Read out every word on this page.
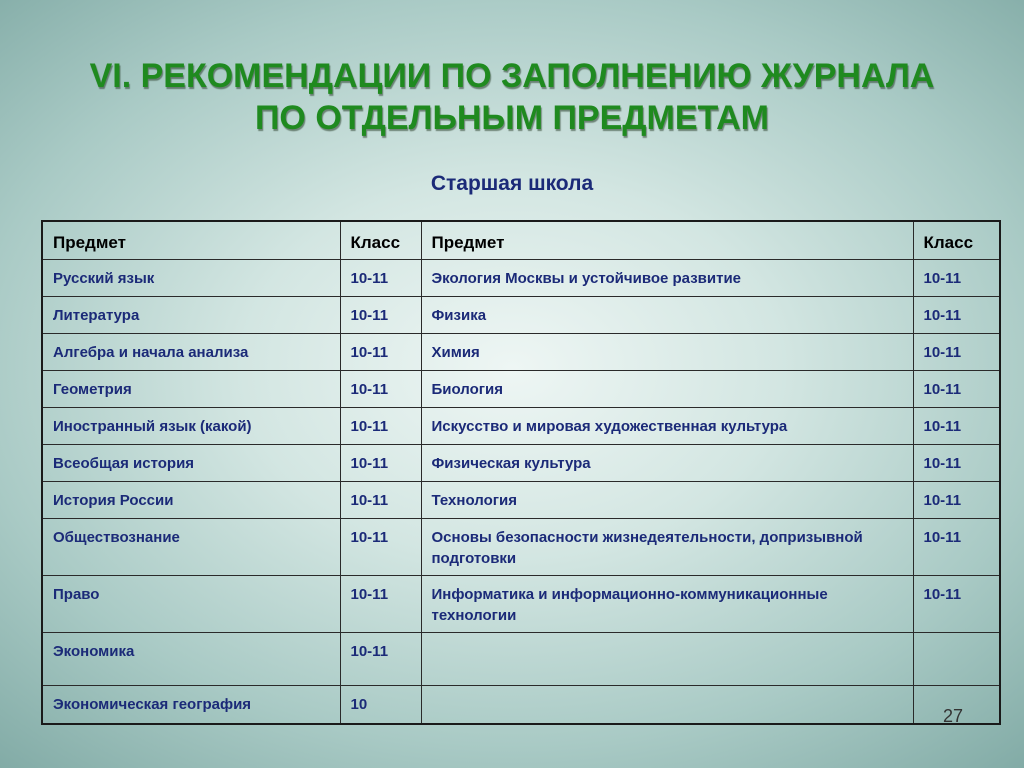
VI. РЕКОМЕНДАЦИИ ПО ЗАПОЛНЕНИЮ ЖУРНАЛА
ПО ОТДЕЛЬНЫМ ПРЕДМЕТАМ
Старшая школа
Предмет	Класс	Предмет	Класс
Русский язык	10-11	Экология Москвы и устойчивое развитие	10-11
Литература	10-11	Физика	10-11
Алгебра и начала анализа	10-11	Химия	10-11
Геометрия	10-11	Биология	10-11
Иностранный язык (какой)	10-11	Искусство и мировая художественная культура	10-11
Всеобщая история	10-11	Физическая культура	10-11
История России	10-11	Технология	10-11
Обществознание	10-11	Основы безопасности жизнедеятельности, допризывной подготовки	10-11
Право	10-11	Информатика и информационно-коммуникационные технологии	10-11
Экономика	10-11		
Экономическая география	10		
27
